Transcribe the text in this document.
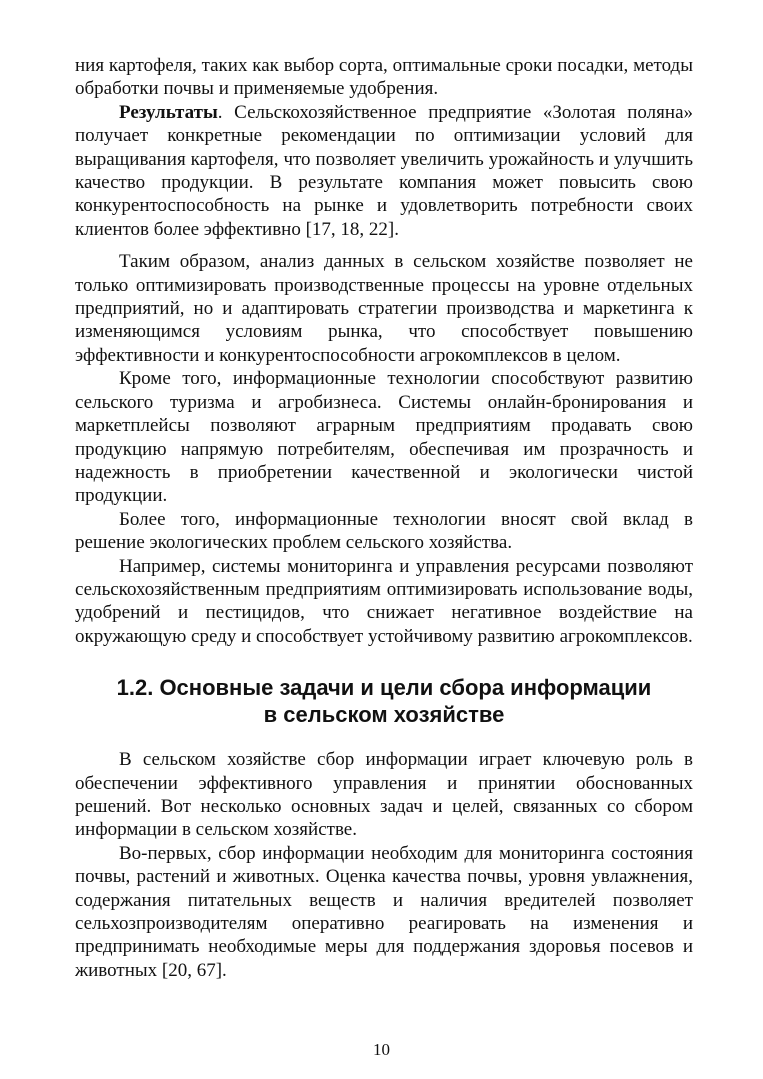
ния картофеля, таких как выбор сорта, оптимальные сроки посадки, методы обработки почвы и применяемые удобрения.

Результаты. Сельскохозяйственное предприятие «Золотая поляна» получает конкретные рекомендации по оптимизации условий для выращивания картофеля, что позволяет увеличить урожайность и улучшить качество продукции. В результате компания может повысить свою конкурентоспособность на рынке и удовлетворить потребности своих клиентов более эффективно [17, 18, 22].

Таким образом, анализ данных в сельском хозяйстве позволяет не только оптимизировать производственные процессы на уровне отдельных предприятий, но и адаптировать стратегии производства и маркетинга к изменяющимся условиям рынка, что способствует повышению эффективности и конкурентоспособности агрокомплексов в целом.

Кроме того, информационные технологии способствуют развитию сельского туризма и агробизнеса. Системы онлайн-бронирования и маркетплейсы позволяют аграрным предприятиям продавать свою продукцию напрямую потребителям, обеспечивая им прозрачность и надежность в приобретении качественной и экологически чистой продукции.

Более того, информационные технологии вносят свой вклад в решение экологических проблем сельского хозяйства.

Например, системы мониторинга и управления ресурсами позволяют сельскохозяйственным предприятиям оптимизировать использование воды, удобрений и пестицидов, что снижает негативное воздействие на окружающую среду и способствует устойчивому развитию агрокомплексов.

1.2. Основные задачи и цели сбора информации
в сельском хозяйстве

В сельском хозяйстве сбор информации играет ключевую роль в обеспечении эффективного управления и принятии обоснованных решений. Вот несколько основных задач и целей, связанных со сбором информации в сельском хозяйстве.

Во-первых, сбор информации необходим для мониторинга состояния почвы, растений и животных. Оценка качества почвы, уровня увлажнения, содержания питательных веществ и наличия вредителей позволяет сельхозпроизводителям оперативно реагировать на изменения и предпринимать необходимые меры для поддержания здоровья посевов и животных [20, 67].

10
